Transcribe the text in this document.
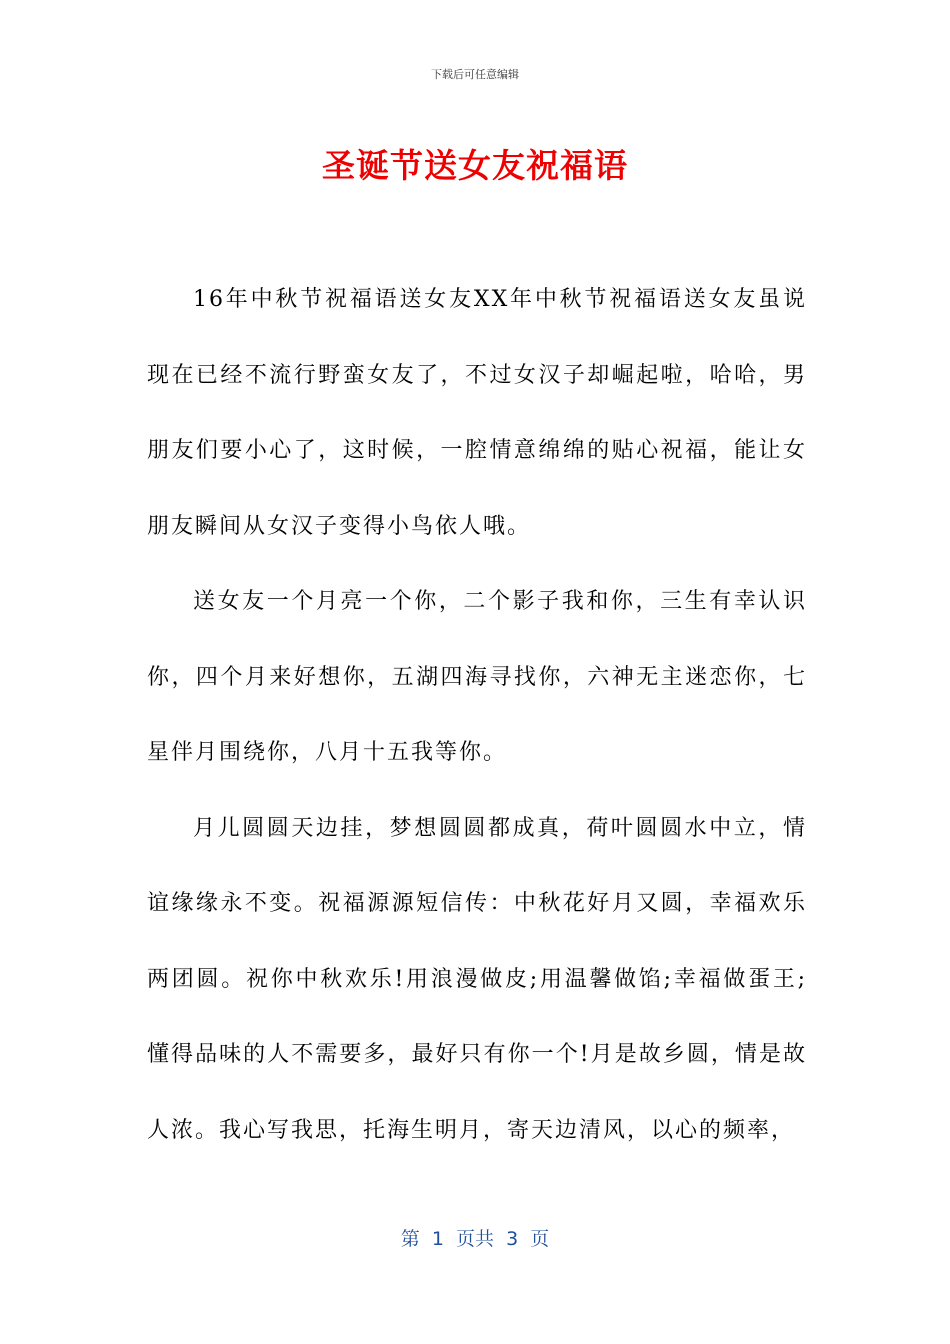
下载后可任意编辑
圣诞节送女友祝福语

16年中秋节祝福语送女友XX年中秋节祝福语送女友虽说现在已经不流行野蛮女友了，不过女汉子却崛起啦，哈哈，男朋友们要小心了，这时候，一腔情意绵绵的贴心祝福，能让女朋友瞬间从女汉子变得小鸟依人哦。

送女友一个月亮一个你，二个影子我和你，三生有幸认识你，四个月来好想你，五湖四海寻找你，六神无主迷恋你，七星伴月围绕你，八月十五我等你。

月儿圆圆天边挂，梦想圆圆都成真，荷叶圆圆水中立，情谊缘缘永不变。祝福源源短信传：中秋花好月又圆，幸福欢乐两团圆。祝你中秋欢乐!用浪漫做皮;用温馨做馅;幸福做蛋王;懂得品味的人不需要多，最好只有你一个!月是故乡圆，情是故人浓。我心写我思，托海生明月，寄天边清风，以心的频率，

第  1  页共  3  页
